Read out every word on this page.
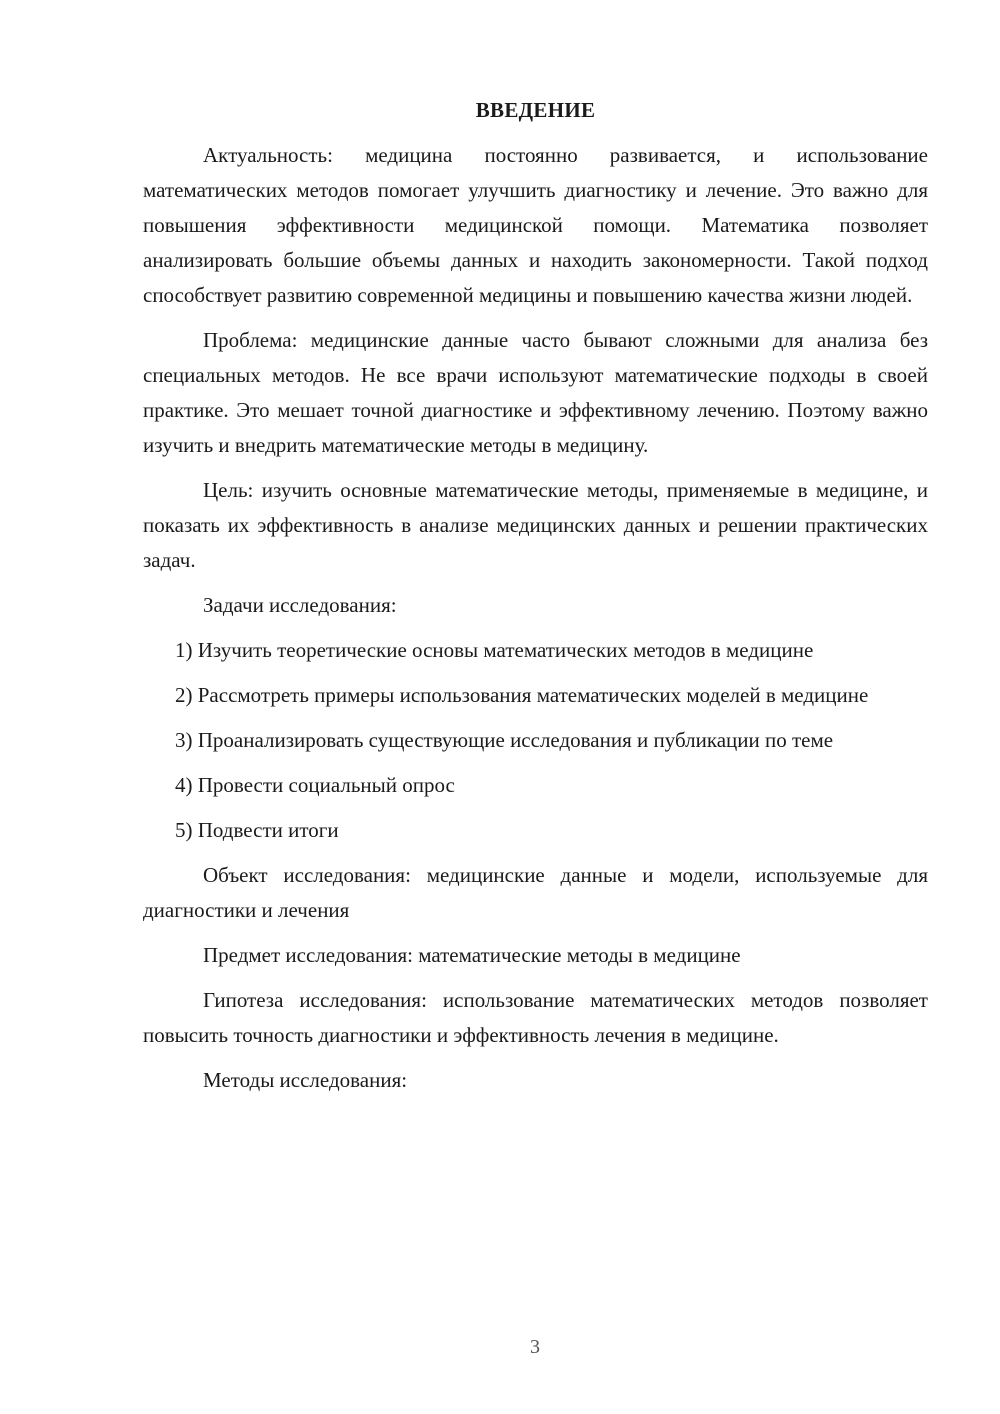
ВВЕДЕНИЕ

Актуальность: медицина постоянно развивается, и использование математических методов помогает улучшить диагностику и лечение. Это важно для повышения эффективности медицинской помощи. Математика позволяет анализировать большие объемы данных и находить закономерности. Такой подход способствует развитию современной медицины и повышению качества жизни людей.

Проблема: медицинские данные часто бывают сложными для анализа без специальных методов. Не все врачи используют математические подходы в своей практике. Это мешает точной диагностике и эффективному лечению. Поэтому важно изучить и внедрить математические методы в медицину.

Цель: изучить основные математические методы, применяемые в медицине, и показать их эффективность в анализе медицинских данных и решении практических задач.

Задачи исследования:

1) Изучить теоретические основы математических методов в медицине

2) Рассмотреть примеры использования математических моделей в медицине

3) Проанализировать существующие исследования и публикации по теме

4) Провести социальный опрос

5) Подвести итоги

Объект исследования: медицинские данные и модели, используемые для диагностики и лечения

Предмет исследования: математические методы в медицине

Гипотеза исследования: использование математических методов позволяет повысить точность диагностики и эффективность лечения в медицине.

Методы исследования:

3
